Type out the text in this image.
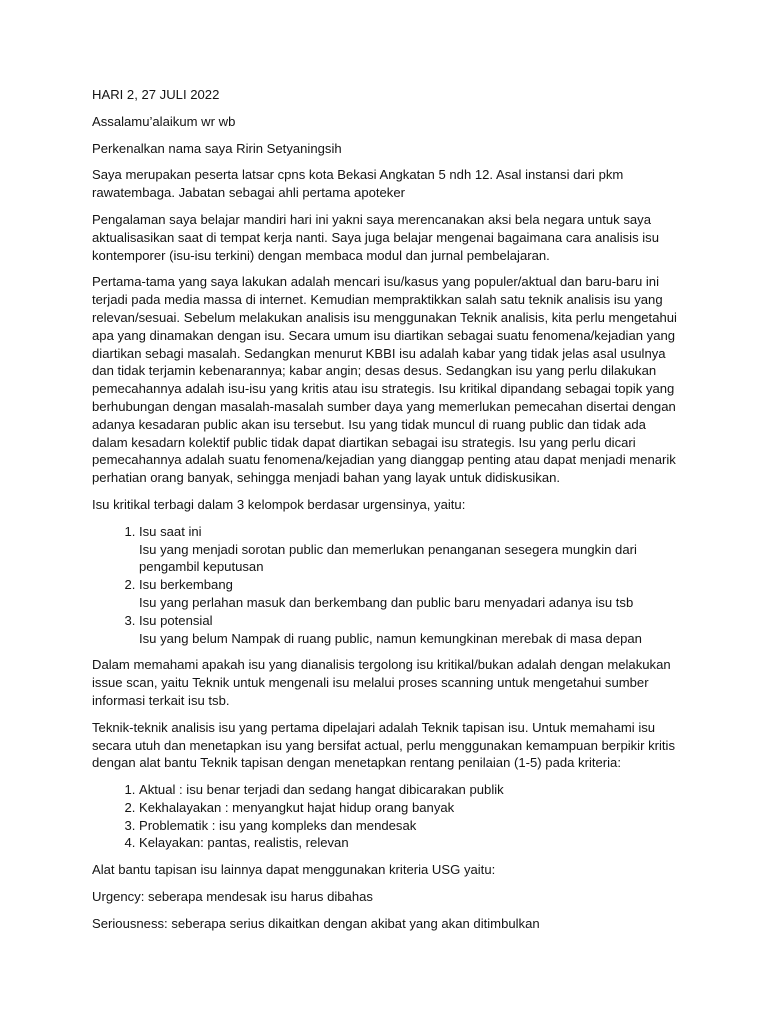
HARI 2, 27 JULI 2022

Assalamu’alaikum wr wb

Perkenalkan nama saya Ririn Setyaningsih

Saya merupakan peserta latsar cpns kota Bekasi Angkatan 5 ndh 12. Asal instansi dari pkm rawatembaga. Jabatan sebagai ahli pertama apoteker

Pengalaman saya belajar mandiri hari ini yakni saya merencanakan aksi bela negara untuk saya aktualisasikan saat di tempat kerja nanti. Saya juga belajar mengenai bagaimana cara analisis isu kontemporer (isu-isu terkini) dengan membaca modul dan jurnal pembelajaran.

Pertama-tama yang saya lakukan adalah mencari isu/kasus yang populer/aktual dan baru-baru ini terjadi pada media massa di internet. Kemudian mempraktikkan salah satu teknik analisis isu yang relevan/sesuai. Sebelum melakukan analisis isu menggunakan Teknik analisis, kita perlu mengetahui apa yang dinamakan dengan isu. Secara umum isu diartikan sebagai suatu fenomena/kejadian yang diartikan sebagi masalah. Sedangkan menurut KBBI isu adalah kabar yang tidak jelas asal usulnya dan tidak terjamin kebenarannya; kabar angin; desas desus. Sedangkan isu yang perlu dilakukan pemecahannya adalah isu-isu yang kritis atau isu strategis. Isu kritikal dipandang sebagai topik yang berhubungan dengan masalah-masalah sumber daya yang memerlukan pemecahan disertai dengan adanya kesadaran public akan isu tersebut. Isu yang tidak muncul di ruang public dan tidak ada dalam kesadarn kolektif public tidak dapat diartikan sebagai isu strategis. Isu yang perlu dicari pemecahannya adalah suatu fenomena/kejadian yang dianggap penting atau dapat menjadi menarik perhatian orang banyak, sehingga menjadi bahan yang layak untuk didiskusikan.

Isu kritikal terbagi dalam 3 kelompok berdasar urgensinya, yaitu:

1. Isu saat ini
Isu yang menjadi sorotan public dan memerlukan penanganan sesegera mungkin dari pengambil keputusan
2. Isu berkembang
Isu yang perlahan masuk dan berkembang dan public baru menyadari adanya isu tsb
3. Isu potensial
Isu yang belum Nampak di ruang public, namun kemungkinan merebak di masa depan

Dalam memahami apakah isu yang dianalisis tergolong isu kritikal/bukan adalah dengan melakukan issue scan, yaitu Teknik untuk mengenali isu melalui proses scanning untuk mengetahui sumber informasi terkait isu tsb.

Teknik-teknik analisis isu yang pertama dipelajari adalah Teknik tapisan isu. Untuk memahami isu secara utuh dan menetapkan isu yang bersifat actual, perlu menggunakan kemampuan berpikir kritis dengan alat bantu Teknik tapisan dengan menetapkan rentang penilaian (1-5) pada kriteria:

1. Aktual : isu benar terjadi dan sedang hangat dibicarakan publik
2. Kekhalayakan : menyangkut hajat hidup orang banyak
3. Problematik : isu yang kompleks dan mendesak
4. Kelayakan: pantas, realistis, relevan

Alat bantu tapisan isu lainnya dapat menggunakan kriteria USG yaitu:

Urgency: seberapa mendesak isu harus dibahas

Seriousness: seberapa serius dikaitkan dengan akibat yang akan ditimbulkan
